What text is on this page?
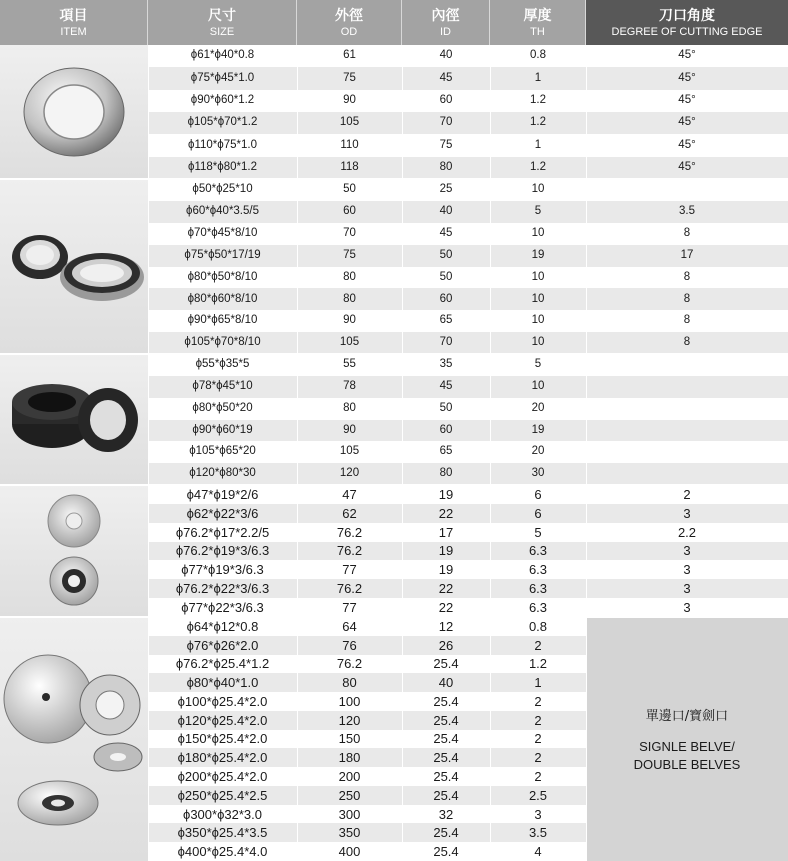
項目
ITEM
尺寸
SIZE
外徑
OD
內徑
ID
厚度
TH
刀口角度
DEGREE OF CUTTING EDGE
ϕ61*ϕ40*0.8	61	40	0.8	45°
ϕ75*ϕ45*1.0	75	45	1	45°
ϕ90*ϕ60*1.2	90	60	1.2	45°
ϕ105*ϕ70*1.2	105	70	1.2	45°
ϕ110*ϕ75*1.0	110	75	1	45°
ϕ118*ϕ80*1.2	118	80	1.2	45°
ϕ50*ϕ25*10	50	25	10
ϕ60*ϕ40*3.5/5	60	40	5	3.5
ϕ70*ϕ45*8/10	70	45	10	8
ϕ75*ϕ50*17/19	75	50	19	17
ϕ80*ϕ50*8/10	80	50	10	8
ϕ80*ϕ60*8/10	80	60	10	8
ϕ90*ϕ65*8/10	90	65	10	8
ϕ105*ϕ70*8/10	105	70	10	8
ϕ55*ϕ35*5	55	35	5
ϕ78*ϕ45*10	78	45	10
ϕ80*ϕ50*20	80	50	20
ϕ90*ϕ60*19	90	60	19
ϕ105*ϕ65*20	105	65	20
ϕ120*ϕ80*30	120	80	30
ϕ47*ϕ19*2/6	47	19	6	2
ϕ62*ϕ22*3/6	62	22	6	3
ϕ76.2*ϕ17*2.2/5	76.2	17	5	2.2
ϕ76.2*ϕ19*3/6.3	76.2	19	6.3	3
ϕ77*ϕ19*3/6.3	77	19	6.3	3
ϕ76.2*ϕ22*3/6.3	76.2	22	6.3	3
ϕ77*ϕ22*3/6.3	77	22	6.3	3
ϕ64*ϕ12*0.8	64	12	0.8
ϕ76*ϕ26*2.0	76	26	2
ϕ76.2*ϕ25.4*1.2	76.2	25.4	1.2
ϕ80*ϕ40*1.0	80	40	1
ϕ100*ϕ25.4*2.0	100	25.4	2
ϕ120*ϕ25.4*2.0	120	25.4	2
ϕ150*ϕ25.4*2.0	150	25.4	2
ϕ180*ϕ25.4*2.0	180	25.4	2
ϕ200*ϕ25.4*2.0	200	25.4	2
ϕ250*ϕ25.4*2.5	250	25.4	2.5
ϕ300*ϕ32*3.0	300	32	3
ϕ350*ϕ25.4*3.5	350	25.4	3.5
ϕ400*ϕ25.4*4.0	400	25.4	4
單邊口/寶劍口
SIGNLE BELVE/
DOUBLE BELVES
